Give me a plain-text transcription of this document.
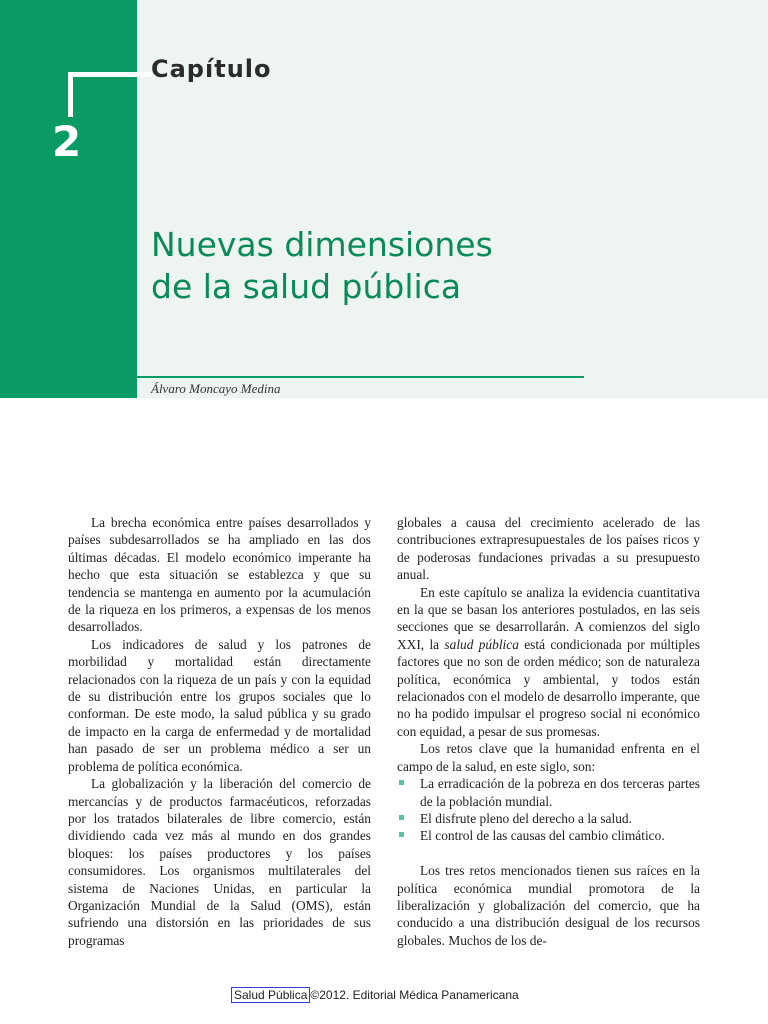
Capítulo
2
Nuevas dimensiones
de la salud pública
Álvaro Moncayo Medina

La brecha económica entre países desarrollados y países subdesarrollados se ha ampliado en las dos últimas décadas. El modelo económico imperante ha hecho que esta situación se establezca y que su tendencia se mantenga en aumento por la acumulación de la riqueza en los primeros, a expensas de los menos desarrollados.

Los indicadores de salud y los patrones de morbilidad y mortalidad están directamente relacionados con la riqueza de un país y con la equidad de su distribución entre los grupos sociales que lo conforman. De este modo, la salud pública y su grado de impacto en la carga de enfermedad y de mortalidad han pasado de ser un problema médico a ser un problema de política económica.

La globalización y la liberación del comercio de mercancías y de productos farmacéuticos, reforzadas por los tratados bilaterales de libre comercio, están dividiendo cada vez más al mundo en dos grandes bloques: los países productores y los países consumidores. Los organismos multilaterales del sistema de Naciones Unidas, en particular la Organización Mundial de la Salud (OMS), están sufriendo una distorsión en las prioridades de sus programas

globales a causa del crecimiento acelerado de las contribuciones extrapresupuestales de los países ricos y de poderosas fundaciones privadas a su presupuesto anual.

En este capítulo se analiza la evidencia cuantitativa en la que se basan los anteriores postulados, en las seis secciones que se desarrollarán. A comienzos del siglo XXI, la salud pública está condicionada por múltiples factores que no son de orden médico; son de naturaleza política, económica y ambiental, y todos están relacionados con el modelo de desarrollo imperante, que no ha podido impulsar el progreso social ni económico con equidad, a pesar de sus promesas.

Los retos clave que la humanidad enfrenta en el campo de la salud, en este siglo, son:

La erradicación de la pobreza en dos terceras partes de la población mundial.
El disfrute pleno del derecho a la salud.
El control de las causas del cambio climático.

Los tres retos mencionados tienen sus raíces en la política económica mundial promotora de la liberalización y globalización del comercio, que ha conducido a una distribución desigual de los recursos globales. Muchos de los de-

Salud Pública ©2012. Editorial Médica Panamericana
